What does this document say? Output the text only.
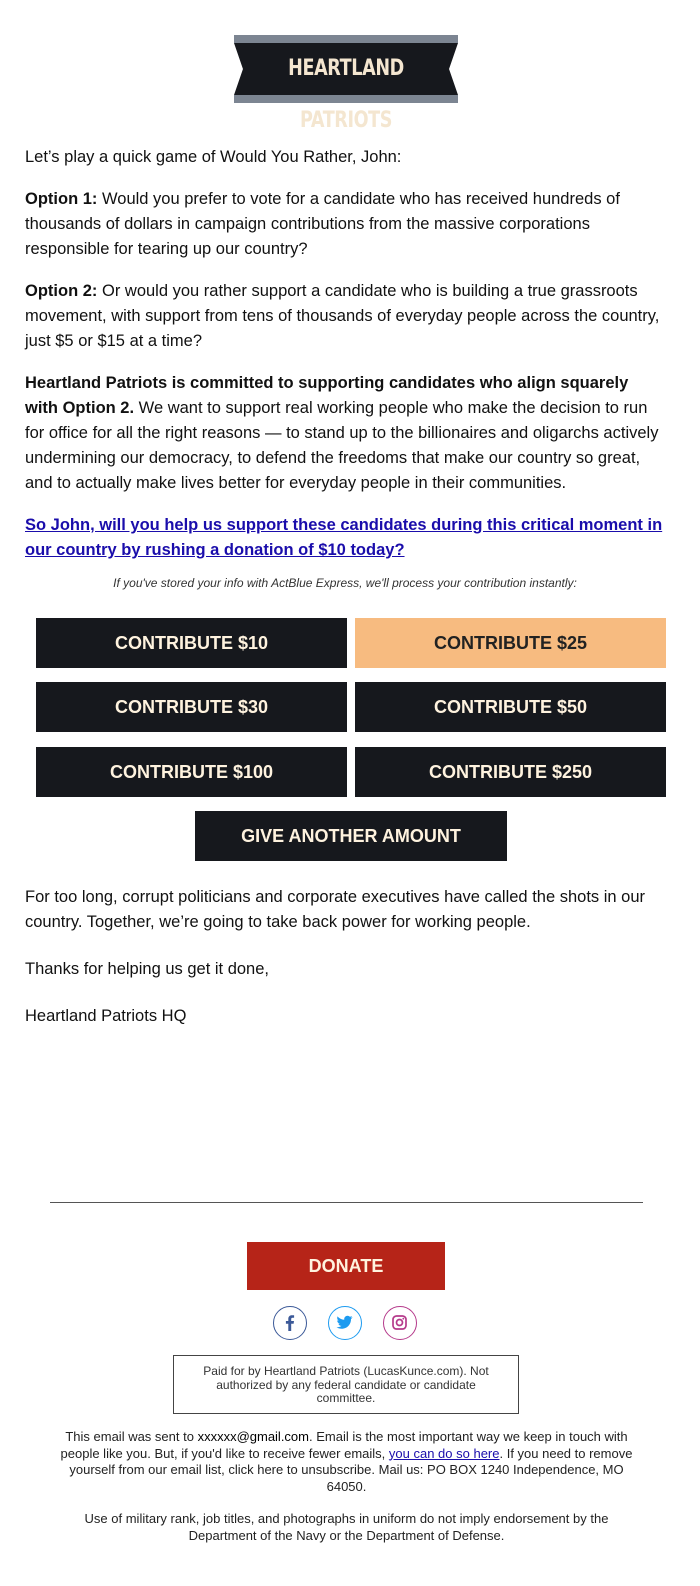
HEARTLAND PATRIOTS

Let’s play a quick game of Would You Rather, John:

Option 1: Would you prefer to vote for a candidate who has received hundreds of thousands of dollars in campaign contributions from the massive corporations responsible for tearing up our country?

Option 2: Or would you rather support a candidate who is building a true grassroots movement, with support from tens of thousands of everyday people across the country, just $5 or $15 at a time?

Heartland Patriots is committed to supporting candidates who align squarely with Option 2. We want to support real working people who make the decision to run for office for all the right reasons — to stand up to the billionaires and oligarchs actively undermining our democracy, to defend the freedoms that make our country so great, and to actually make lives better for everyday people in their communities.

So John, will you help us support these candidates during this critical moment in our country by rushing a donation of $10 today?
If you've stored your info with ActBlue Express, we'll process your contribution instantly:
CONTRIBUTE $10	CONTRIBUTE $25
CONTRIBUTE $30	CONTRIBUTE $50
CONTRIBUTE $100	CONTRIBUTE $250
GIVE ANOTHER AMOUNT

For too long, corrupt politicians and corporate executives have called the shots in our country. Together, we’re going to take back power for working people.

Thanks for helping us get it done,

Heartland Patriots HQ

DONATE
Paid for by Heartland Patriots (LucasKunce.com). Not authorized by any federal candidate or candidate committee.

This email was sent to xxxxxx@gmail.com. Email is the most important way we keep in touch with people like you. But, if you'd like to receive fewer emails, you can do so here. If you need to remove yourself from our email list, click here to unsubscribe. Mail us: PO BOX 1240 Independence, MO 64050.

Use of military rank, job titles, and photographs in uniform do not imply endorsement by the Department of the Navy or the Department of Defense.
